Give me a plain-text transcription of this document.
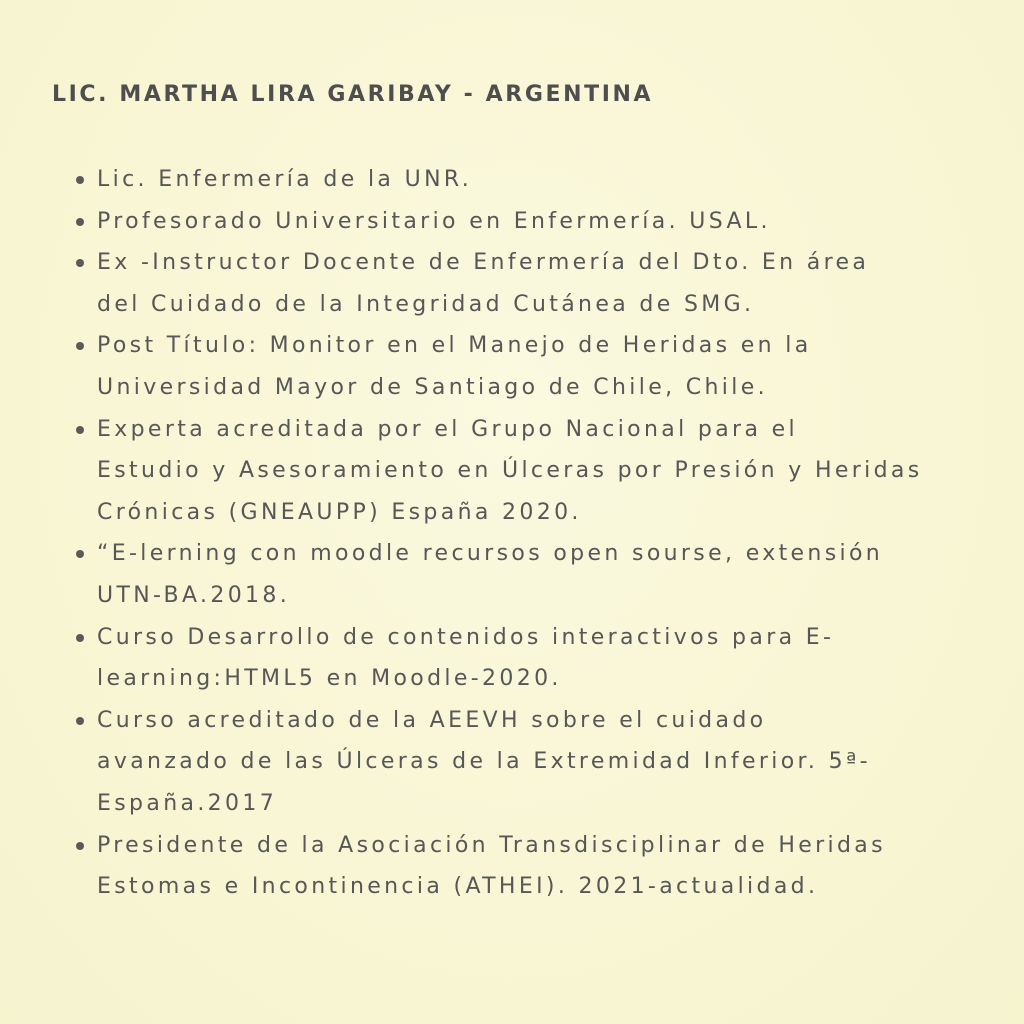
LIC. MARTHA LIRA GARIBAY - ARGENTINA
Lic. Enfermería de la UNR.
Profesorado Universitario en Enfermería. USAL.
Ex -Instructor Docente de Enfermería del Dto. En área
del Cuidado de la Integridad Cutánea de SMG.
Post Título: Monitor en el Manejo de Heridas en la
Universidad Mayor de Santiago de Chile, Chile.
Experta acreditada por el Grupo Nacional para el
Estudio y Asesoramiento en Úlceras por Presión y Heridas
Crónicas (GNEAUPP) España 2020.
“E-lerning con moodle recursos open sourse, extensión
UTN-BA.2018.
Curso Desarrollo de contenidos interactivos para E-
learning:HTML5 en Moodle-2020.
Curso acreditado de la AEEVH sobre el cuidado
avanzado de las Úlceras de la Extremidad Inferior. 5ª-
España.2017
Presidente de la Asociación Transdisciplinar de Heridas
Estomas e Incontinencia (ATHEI). 2021-actualidad.
